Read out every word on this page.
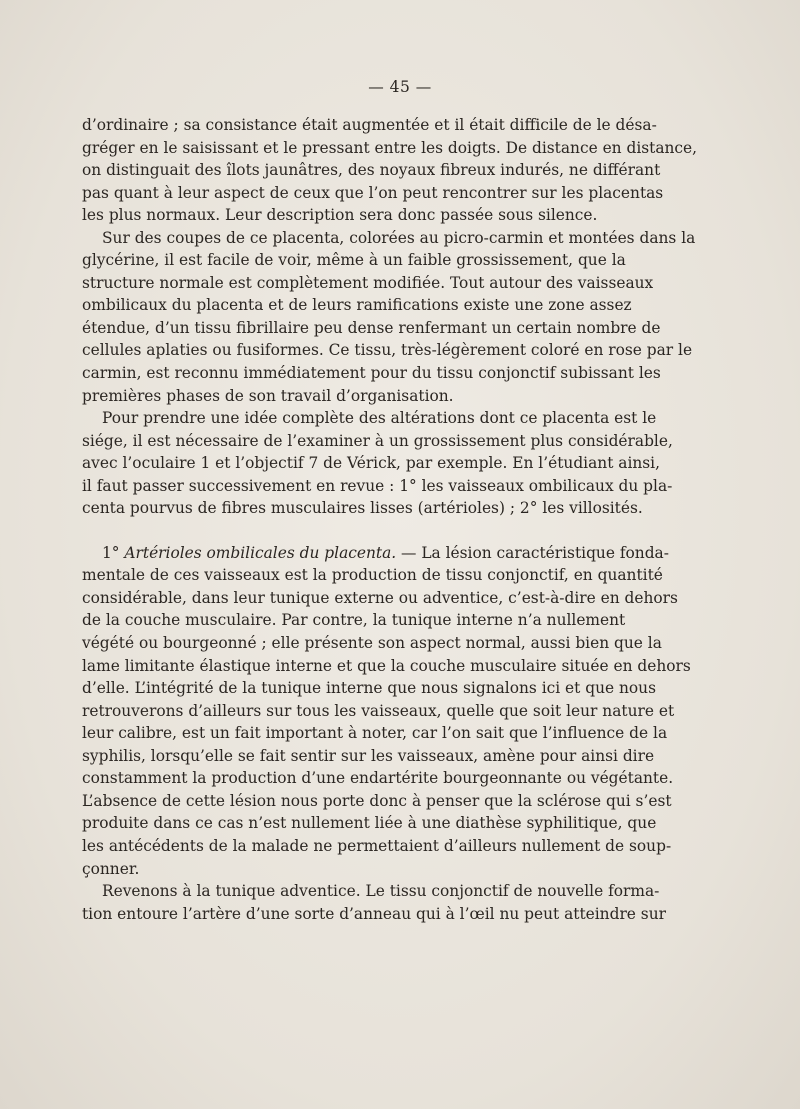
— 45 —
d’ordinaire ; sa consistance était augmentée et il était difficile de le désa-
gréger en le saisissant et le pressant entre les doigts. De distance en distance,
on distinguait des îlots jaunâtres, des noyaux fibreux indurés, ne différant
pas quant à leur aspect de ceux que l’on peut rencontrer sur les placentas
les plus normaux. Leur description sera donc passée sous silence.
Sur des coupes de ce placenta, colorées au picro-carmin et montées dans la
glycérine, il est facile de voir, même à un faible grossissement, que la
structure normale est complètement modifiée. Tout autour des vaisseaux
ombilicaux du placenta et de leurs ramifications existe une zone assez
étendue, d’un tissu fibrillaire peu dense renfermant un certain nombre de
cellules aplaties ou fusiformes. Ce tissu, très-légèrement coloré en rose par le
carmin, est reconnu immédiatement pour du tissu conjonctif subissant les
premières phases de son travail d’organisation.
Pour prendre une idée complète des altérations dont ce placenta est le
siége, il est nécessaire de l’examiner à un grossissement plus considérable,
avec l’oculaire 1 et l’objectif 7 de Vérick, par exemple. En l’étudiant ainsi,
il faut passer successivement en revue : 1° les vaisseaux ombilicaux du pla-
centa pourvus de fibres musculaires lisses (artérioles) ; 2° les villosités.
1° Artérioles ombilicales du placenta. — La lésion caractéristique fonda-
mentale de ces vaisseaux est la production de tissu conjonctif, en quantité
considérable, dans leur tunique externe ou adventice, c’est-à-dire en dehors
de la couche musculaire. Par contre, la tunique interne n’a nullement
végété ou bourgeonné ; elle présente son aspect normal, aussi bien que la
lame limitante élastique interne et que la couche musculaire située en dehors
d’elle. L’intégrité de la tunique interne que nous signalons ici et que nous
retrouverons d’ailleurs sur tous les vaisseaux, quelle que soit leur nature et
leur calibre, est un fait important à noter, car l’on sait que l’influence de la
syphilis, lorsqu’elle se fait sentir sur les vaisseaux, amène pour ainsi dire
constamment la production d’une endartérite bourgeonnante ou végétante.
L’absence de cette lésion nous porte donc à penser que la sclérose qui s’est
produite dans ce cas n’est nullement liée à une diathèse syphilitique, que
les antécédents de la malade ne permettaient d’ailleurs nullement de soup-
çonner.
Revenons à la tunique adventice. Le tissu conjonctif de nouvelle forma-
tion entoure l’artère d’une sorte d’anneau qui à l’œil nu peut atteindre sur
